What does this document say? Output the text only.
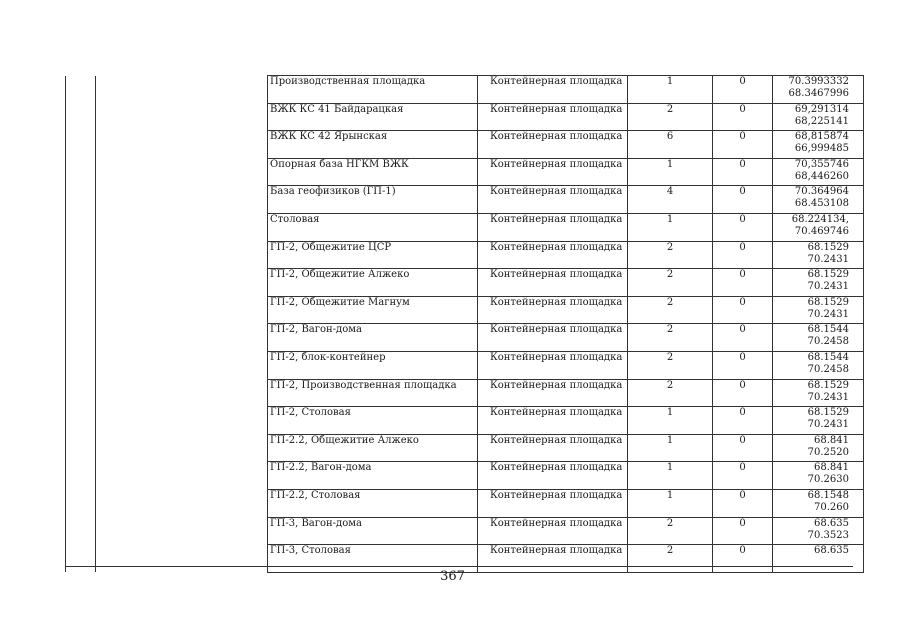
		Производственная площадка	Контейнерная площадка	1	0	70.3993332
68.3467996

		ВЖК КС 41 Байдарацкая	Контейнерная площадка	2	0	69,291314
68,225141

		ВЖК КС 42 Ярынская	Контейнерная площадка	6	0	68,815874
66,999485

		Опорная база НГКМ ВЖК	Контейнерная площадка	1	0	70,355746
68,446260

		База геофизиков (ГП-1)	Контейнерная площадка	4	0	70.364964
68.453108

		Столовая	Контейнерная площадка	1	0	68.224134,
70.469746

		ГП-2, Общежитие ЦСР	Контейнерная площадка	2	0	68.1529
70.2431

		ГП-2, Общежитие Алжеко	Контейнерная площадка	2	0	68.1529
70.2431

		ГП-2, Общежитие Магнум	Контейнерная площадка	2	0	68.1529
70.2431

		ГП-2, Вагон-дома	Контейнерная площадка	2	0	68.1544
70.2458

		ГП-2, блок-контейнер	Контейнерная площадка	2	0	68.1544
70.2458

		ГП-2, Производственная площадка	Контейнерная площадка	2	0	68.1529
70.2431

		ГП-2, Столовая	Контейнерная площадка	1	0	68.1529
70.2431

		ГП-2.2, Общежитие Алжеко	Контейнерная площадка	1	0	68.841
70.2520

		ГП-2.2, Вагон-дома	Контейнерная площадка	1	0	68.841
70.2630

		ГП-2.2, Столовая	Контейнерная площадка	1	0	68.1548
70.260

		ГП-3, Вагон-дома	Контейнерная площадка	2	0	68.635
70.3523

		ГП-3, Столовая	Контейнерная площадка	2	0	68.635
367
